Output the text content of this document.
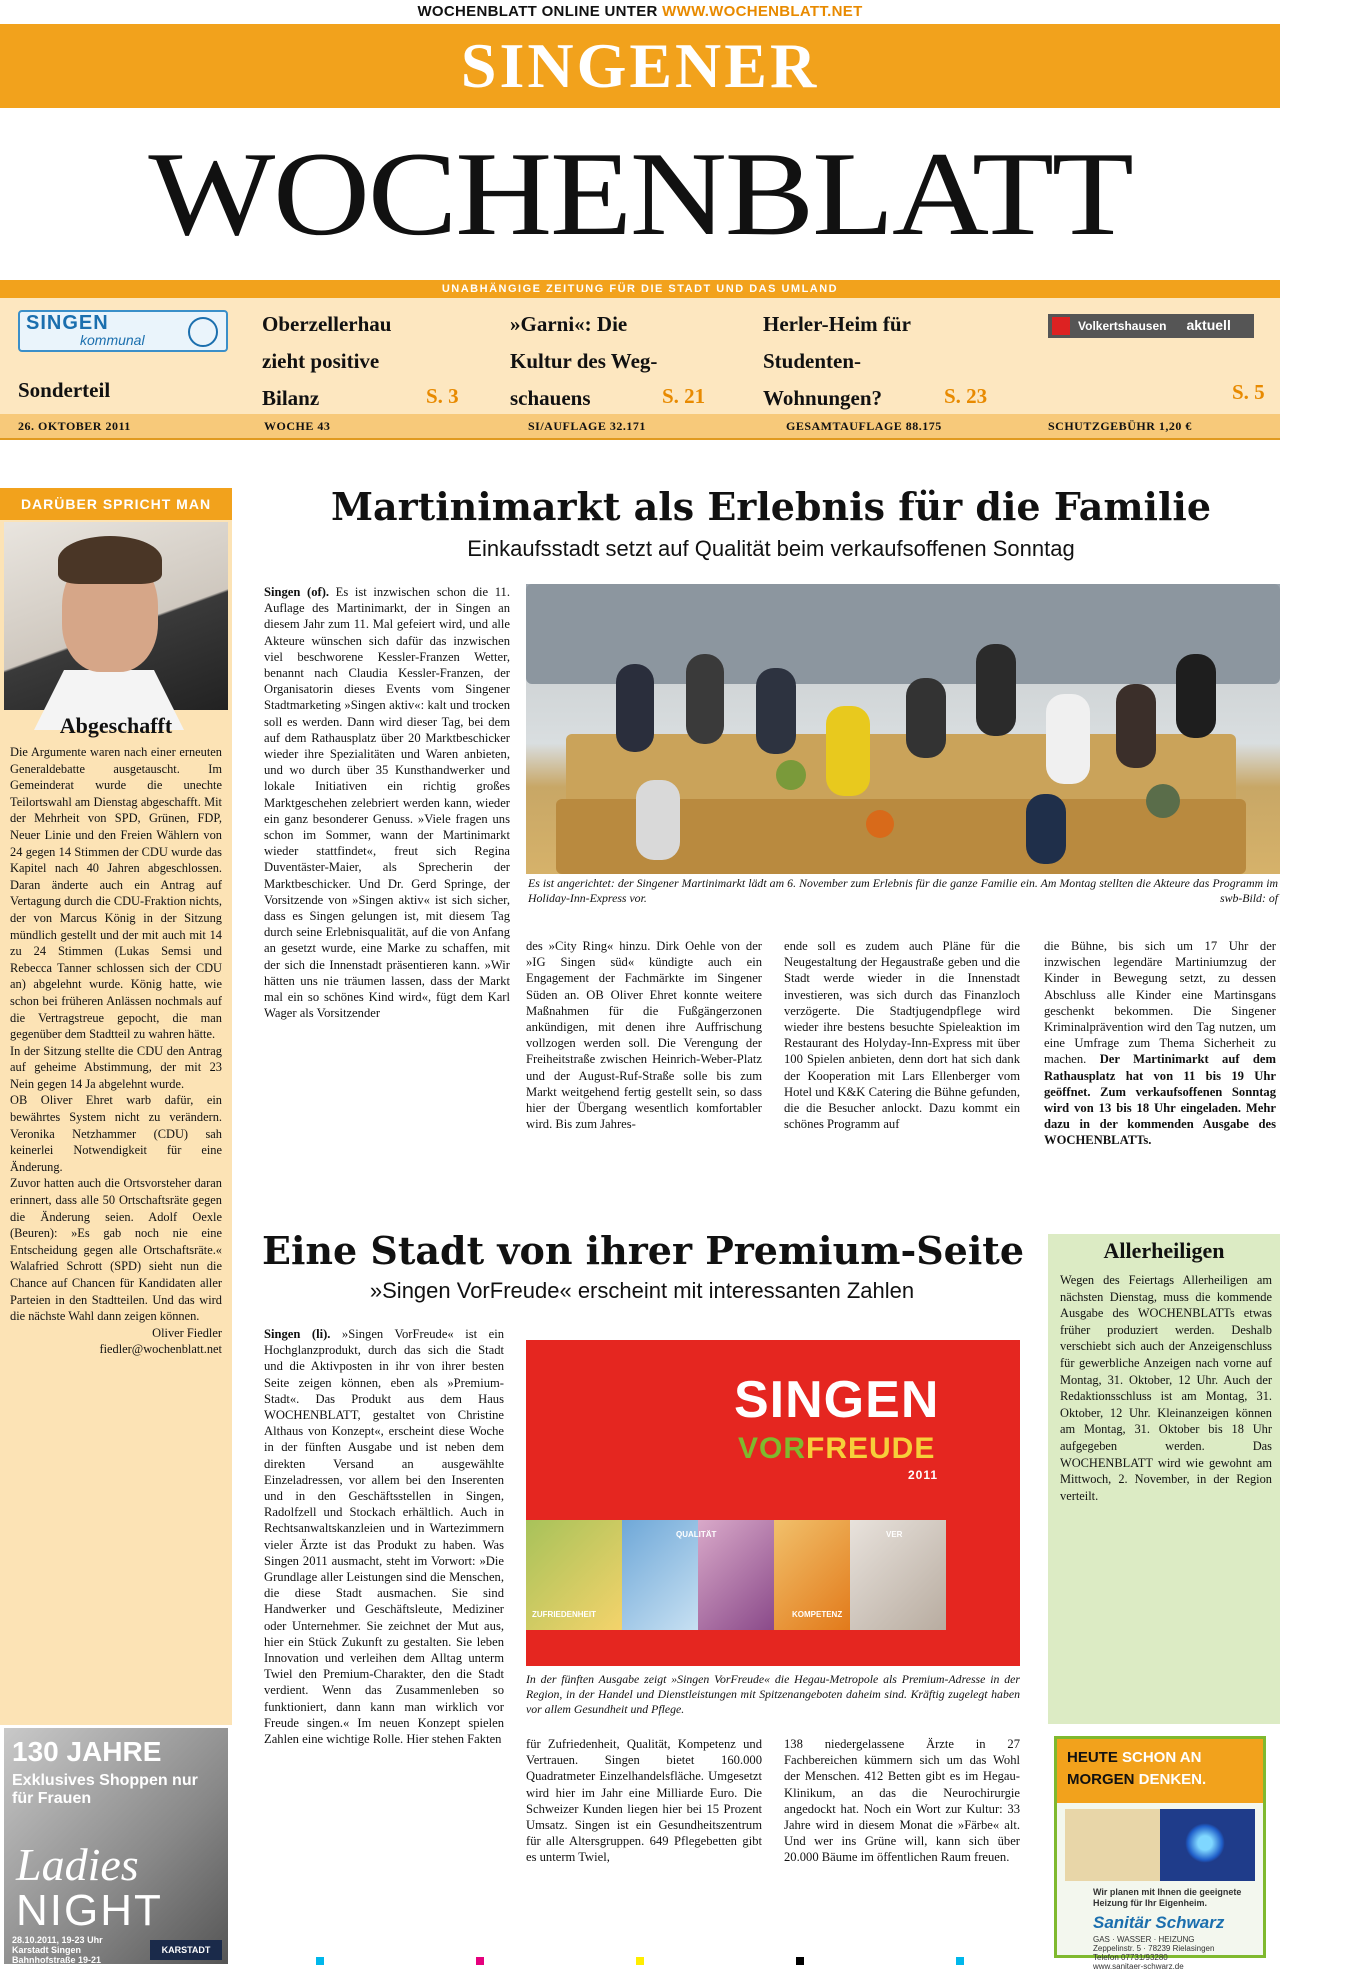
WOCHENBLATT ONLINE UNTER WWW.WOCHENBLATT.NET
SINGENER
WOCHENBLATT
UNABHÄNGIGE ZEITUNG FÜR DIE STADT UND DAS UMLAND
SINGEN
kommunal
Sonderteil
Oberzellerhau
zieht positive
Bilanz	S. 3
»Garni«: Die
Kultur des Weg-
schauens	S. 21
Herler-Heim für
Studenten-
Wohnungen?	S. 23
Volkertshausen aktuell
S. 5
26. OKTOBER 2011	WOCHE 43	SI/AUFLAGE 32.171	GESAMTAUFLAGE 88.175	SCHUTZGEBÜHR 1,20 €
DARÜBER SPRICHT MAN
Abgeschafft

Die Argumente waren nach einer erneuten Generaldebatte ausgetauscht. Im Gemeinderat wurde die unechte Teilortswahl am Dienstag abgeschafft. Mit der Mehrheit von SPD, Grünen, FDP, Neuer Linie und den Freien Wählern von 24 gegen 14 Stimmen der CDU wurde das Kapitel nach 40 Jahren abgeschlossen. Daran änderte auch ein Antrag auf Vertagung durch die CDU-Fraktion nichts, der von Marcus König in der Sitzung mündlich gestellt und der mit auch mit 14 zu 24 Stimmen (Lukas Semsi und Rebecca Tanner schlossen sich der CDU an) abgelehnt wurde. König hatte, wie schon bei früheren Anlässen nochmals auf die Vertragstreue gepocht, die man gegenüber dem Stadtteil zu wahren hätte.

In der Sitzung stellte die CDU den Antrag auf geheime Abstimmung, der mit 23 Nein gegen 14 Ja abgelehnt wurde.

OB Oliver Ehret warb dafür, ein bewährtes System nicht zu verändern. Veronika Netzhammer (CDU) sah keinerlei Notwendigkeit für eine Änderung.

Zuvor hatten auch die Ortsvorsteher daran erinnert, dass alle 50 Ortschaftsräte gegen die Änderung seien. Adolf Oexle (Beuren): »Es gab noch nie eine Entscheidung gegen alle Ortschaftsräte.« Walafried Schrott (SPD) sieht nun die Chance auf Chancen für Kandidaten aller Parteien in den Stadtteilen. Und das wird die nächste Wahl dann zeigen können.

Oliver Fiedler

fiedler@wochenblatt.net

130 JAHRE
Exklusives Shoppen nur für Frauen
Ladies
NIGHT
28.10.2011, 19-23 Uhr
Karstadt Singen
Bahnhofstraße 19-21
78224 Singen
KARSTADT
Martinimarkt als Erlebnis für die Familie
Einkaufsstadt setzt auf Qualität beim verkaufsoffenen Sonntag
Singen (of). Es ist inzwischen schon die 11. Auflage des Martinimarkt, der in Singen an diesem Jahr zum 11. Mal gefeiert wird, und alle Akteure wünschen sich dafür das inzwischen viel beschworene Kessler-Franzen Wetter, benannt nach Claudia Kessler-Franzen, der Organisatorin dieses Events vom Singener Stadtmarketing »Singen aktiv«: kalt und trocken soll es werden. Dann wird dieser Tag, bei dem auf dem Rathausplatz über 20 Marktbeschicker wieder ihre Spezialitäten und Waren anbieten, und wo durch über 35 Kunsthandwerker und lokale Initiativen ein richtig großes Marktgeschehen zelebriert werden kann, wieder ein ganz besonderer Genuss. »Viele fragen uns schon im Sommer, wann der Martinimarkt wieder stattfindet«, freut sich Regina Duventäster-Maier, als Sprecherin der Marktbeschicker. Und Dr. Gerd Springe, der Vorsitzende von »Singen aktiv« ist sich sicher, dass es Singen gelungen ist, mit diesem Tag durch seine Erlebnisqualität, auf die von Anfang an gesetzt wurde, eine Marke zu schaffen, mit der sich die Innenstadt präsentieren kann. »Wir hätten uns nie träumen lassen, dass der Markt mal ein so schönes Kind wird«, fügt dem Karl Wager als Vorsitzender
Es ist angerichtet: der Singener Martinimarkt lädt am 6. November zum Erlebnis für die ganze Familie ein. Am Montag stellten die Akteure das Programm im Holiday-Inn-Express vor.	swb-Bild: of
des »City Ring« hinzu. Dirk Oehle von der »IG Singen süd« kündigte auch ein Engagement der Fachmärkte im Singener Süden an. OB Oliver Ehret konnte weitere Maßnahmen für die Fußgängerzonen ankündigen, mit denen ihre Auffrischung vollzogen werden soll. Die Verengung der Freiheitstraße zwischen Heinrich-Weber-Platz und der August-Ruf-Straße solle bis zum Markt weitgehend fertig gestellt sein, so dass hier der Übergang wesentlich komfortabler wird. Bis zum Jahres-
ende soll es zudem auch Pläne für die Neugestaltung der Hegaustraße geben und die Stadt werde wieder in die Innenstadt investieren, was sich durch das Finanzloch verzögerte. Die Stadtjugendpflege wird wieder ihre bestens besuchte Spieleaktion im Restaurant des Holyday-Inn-Express mit über 100 Spielen anbieten, denn dort hat sich dank der Kooperation mit Lars Ellenberger vom Hotel und K&K Catering die Bühne gefunden, die die Besucher anlockt. Dazu kommt ein schönes Programm auf
die Bühne, bis sich um 17 Uhr der inzwischen legendäre Martiniumzug der Kinder in Bewegung setzt, zu dessen Abschluss alle Kinder eine Martinsgans geschenkt bekommen. Die Singener Kriminalprävention wird den Tag nutzen, um eine Umfrage zum Thema Sicherheit zu machen. Der Martinimarkt auf dem Rathausplatz hat von 11 bis 19 Uhr geöffnet. Zum verkaufsoffenen Sonntag wird von 13 bis 18 Uhr eingeladen. Mehr dazu in der kommenden Ausgabe des WOCHENBLATTs.
Eine Stadt von ihrer Premium-Seite
»Singen VorFreude« erscheint mit interessanten Zahlen
Singen (li). »Singen VorFreude« ist ein Hochglanzprodukt, durch das sich die Stadt und die Aktivposten in ihr von ihrer besten Seite zeigen können, eben als »Premium-Stadt«. Das Produkt aus dem Haus WOCHENBLATT, gestaltet von Christine Althaus von Konzept«, erscheint diese Woche in der fünften Ausgabe und ist neben dem direkten Versand an ausgewählte Einzeladressen, vor allem bei den Inserenten und in den Geschäftsstellen in Singen, Radolfzell und Stockach erhältlich. Auch in Rechtsanwaltskanzleien und in Wartezimmern vieler Ärzte ist das Produkt zu haben. Was Singen 2011 ausmacht, steht im Vorwort: »Die Grundlage aller Leistungen sind die Menschen, die diese Stadt ausmachen. Sie sind Handwerker und Geschäftsleute, Mediziner oder Unternehmer. Sie zeichnet der Mut aus, hier ein Stück Zukunft zu gestalten. Sie leben Innovation und verleihen dem Alltag unterm Twiel den Premium-Charakter, den die Stadt verdient. Wenn das Zusammenleben so funktioniert, dann kann man wirklich vor Freude singen.« Im neuen Konzept spielen Zahlen eine wichtige Rolle. Hier stehen Fakten
SINGEN
VORFREUDE
2011
QUALITÄT
ZUFRIEDENHEIT	KOMPETENZ
VER
In der fünften Ausgabe zeigt »Singen VorFreude« die Hegau-Metropole als Premium-Adresse in der Region, in der Handel und Dienstleistungen mit Spitzenangeboten daheim sind. Kräftig zugelegt haben vor allem Gesundheit und Pflege.
für Zufriedenheit, Qualität, Kompetenz und Vertrauen. Singen bietet 160.000 Quadratmeter Einzelhandelsfläche. Umgesetzt wird hier im Jahr eine Milliarde Euro. Die Schweizer Kunden liegen hier bei 15 Prozent Umsatz. Singen ist ein Gesundheitszentrum für alle Altersgruppen. 649 Pflegebetten gibt es unterm Twiel,
138 niedergelassene Ärzte in 27 Fachbereichen kümmern sich um das Wohl der Menschen. 412 Betten gibt es im Hegau-Klinikum, an das die Neurochirurgie angedockt hat. Noch ein Wort zur Kultur: 33 Jahre wird in diesem Monat die »Färbe« alt. Und wer ins Grüne will, kann sich über 20.000 Bäume im öffentlichen Raum freuen.
Allerheiligen
Wegen des Feiertags Allerheiligen am nächsten Dienstag, muss die kommende Ausgabe des WOCHENBLATTs etwas früher produziert werden. Deshalb verschiebt sich auch der Anzeigenschluss für gewerbliche Anzeigen nach vorne auf Montag, 31. Oktober, 12 Uhr. Auch der Redaktionsschluss ist am Montag, 31. Oktober, 12 Uhr. Kleinanzeigen können am Montag, 31. Oktober bis 18 Uhr aufgegeben werden. Das WOCHENBLATT wird wie gewohnt am Mittwoch, 2. November, in der Region verteilt.
HEUTE SCHON AN
MORGEN DENKEN.
Wir planen mit Ihnen die geeignete Heizung für Ihr Eigenheim.
Sanitär Schwarz
GAS · WASSER · HEIZUNG
Zeppelinstr. 5 · 78239 Rielasingen
Telefon 07731/93280
www.sanitaer-schwarz.de
